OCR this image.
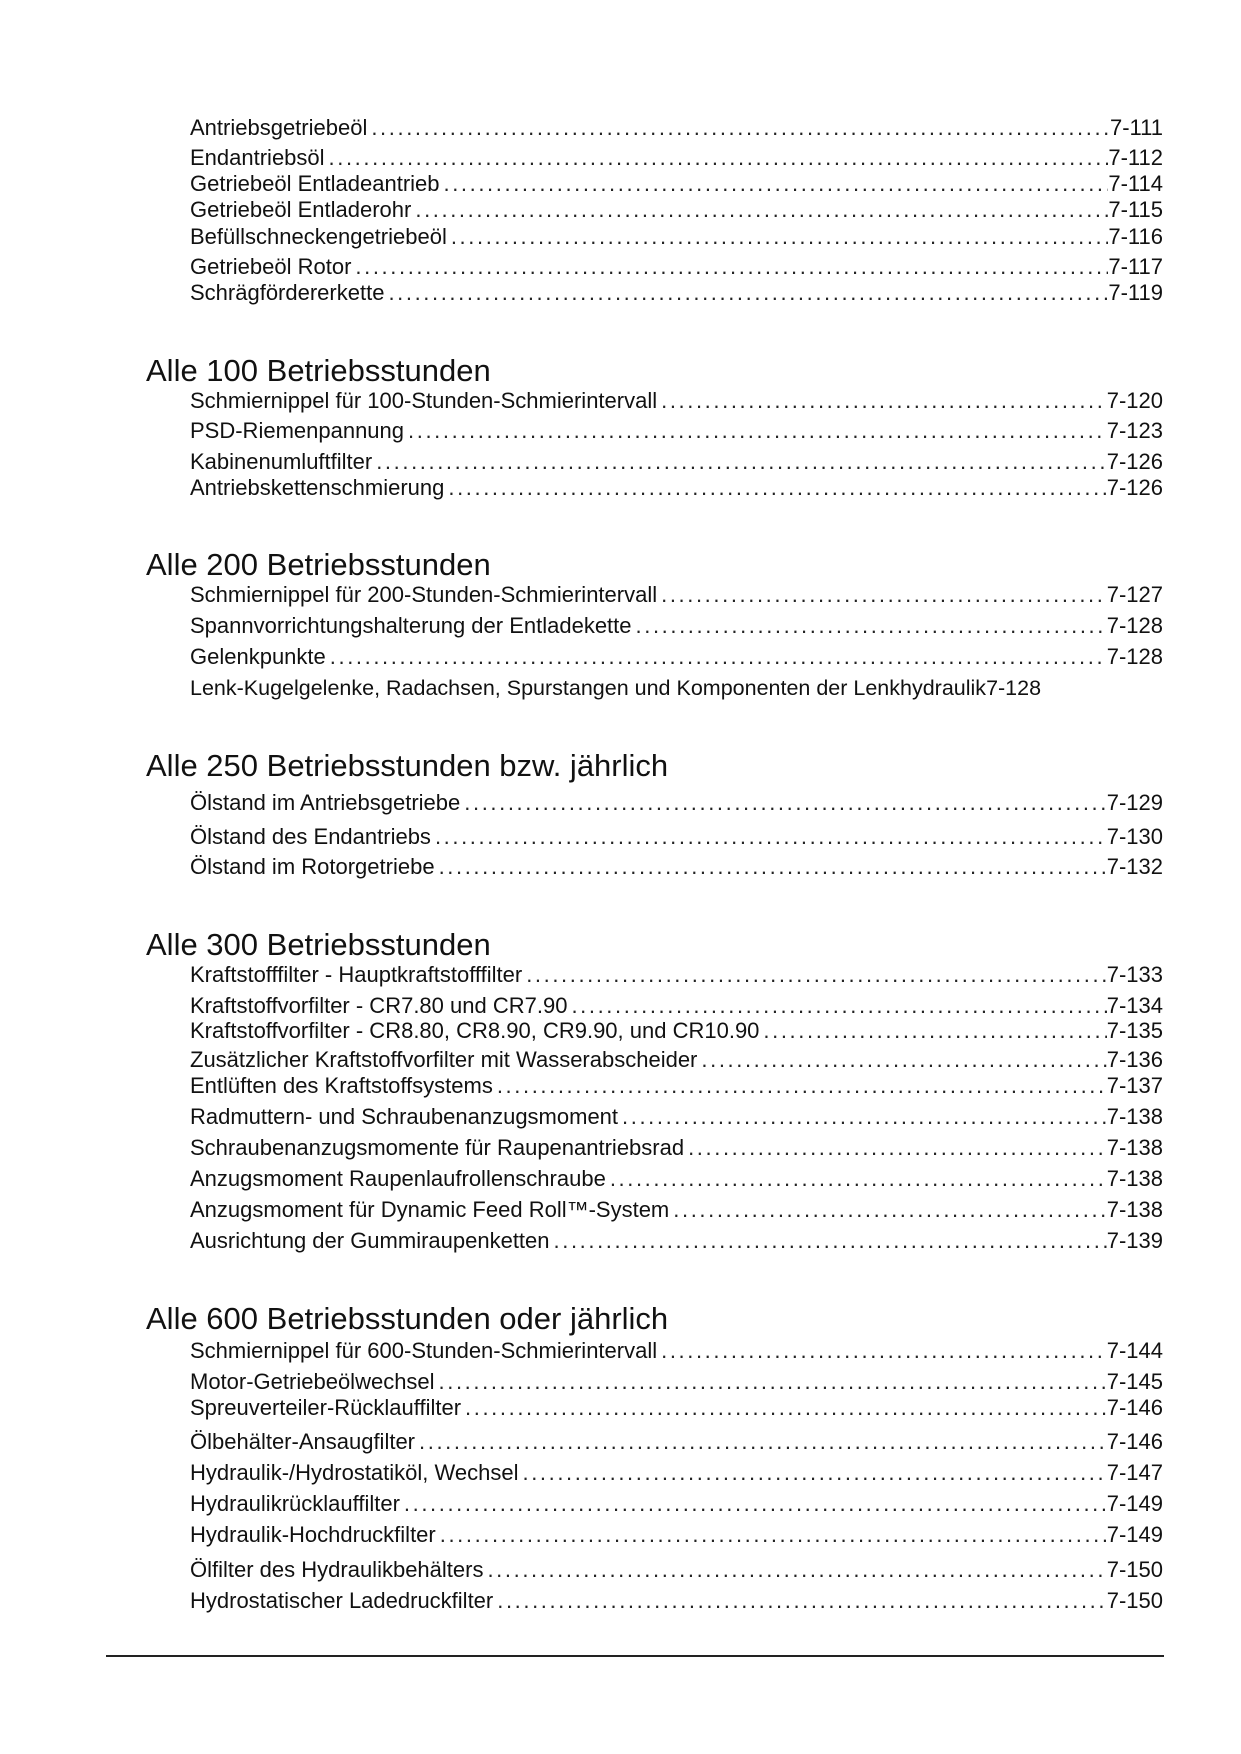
Antriebsgetriebeöl .....	7-111
Endantriebsöl .....	7-112
Getriebeöl Entladeantrieb .....	7-114
Getriebeöl Entladerohr .....	7-115
Befüllschneckengetriebeöl .....	7-116
Getriebeöl Rotor .....	7-117
Schrägfördererkette .....	7-119
Alle 100 Betriebsstunden
Schmiernippel für 100-Stunden-Schmierintervall .....	7-120
PSD-Riemenpannung .....	7-123
Kabinenumluftfilter .....	7-126
Antriebskettenschmierung .....	7-126
Alle 200 Betriebsstunden
Schmiernippel für 200-Stunden-Schmierintervall .....	7-127
Spannvorrichtungshalterung der Entladekette .....	7-128
Gelenkpunkte .....	7-128
Lenk-Kugelgelenke, Radachsen, Spurstangen und Komponenten der Lenkhydraulik 7-128
Alle 250 Betriebsstunden bzw. jährlich
Ölstand im Antriebsgetriebe .....	7-129
Ölstand des Endantriebs .....	7-130
Ölstand im Rotorgetriebe .....	7-132
Alle 300 Betriebsstunden
Kraftstofffilter - Hauptkraftstofffilter .....	7-133
Kraftstoffvorfilter - CR7.80 und CR7.90 .....	7-134
Kraftstoffvorfilter - CR8.80, CR8.90, CR9.90, und CR10.90 .....	7-135
Zusätzlicher Kraftstoffvorfilter mit Wasserabscheider .....	7-136
Entlüften des Kraftstoffsystems .....	7-137
Radmuttern- und Schraubenanzugsmoment .....	7-138
Schraubenanzugsmomente für Raupenantriebsrad .....	7-138
Anzugsmoment Raupenlaufrollenschraube .....	7-138
Anzugsmoment für Dynamic Feed Roll™-System .....	7-138
Ausrichtung der Gummiraupenketten .....	7-139
Alle 600 Betriebsstunden oder jährlich
Schmiernippel für 600-Stunden-Schmierintervall .....	7-144
Motor-Getriebeölwechsel .....	7-145
Spreuverteiler-Rücklauffilter .....	7-146
Ölbehälter-Ansaugfilter .....	7-146
Hydraulik-/Hydrostatiköl, Wechsel .....	7-147
Hydraulikrücklauffilter .....	7-149
Hydraulik-Hochdruckfilter .....	7-149
Ölfilter des Hydraulikbehälters .....	7-150
Hydrostatischer Ladedruckfilter .....	7-150
